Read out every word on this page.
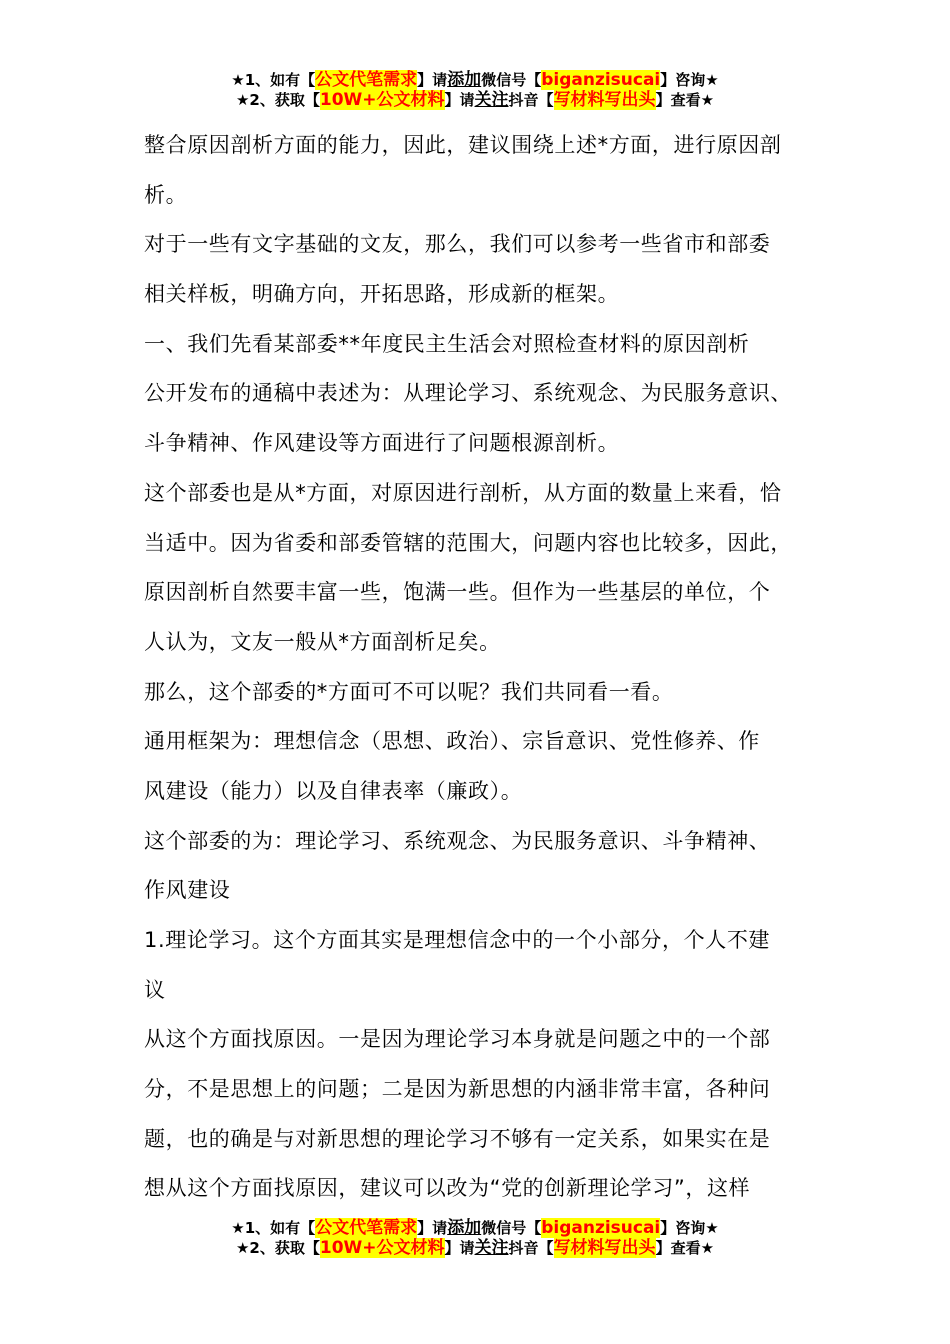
★1、如有【公文代笔需求】请添加微信号【biganzisucai】咨询★
★2、获取【10W+公文材料】请关注抖音【写材料写出头】查看★
整合原因剖析方面的能力，因此，建议围绕上述*方面，进行原因剖
析。
对于一些有文字基础的文友，那么，我们可以参考一些省市和部委
相关样板，明确方向，开拓思路，形成新的框架。
一、我们先看某部委**年度民主生活会对照检查材料的原因剖析
公开发布的通稿中表述为：从理论学习、系统观念、为民服务意识、
斗争精神、作风建设等方面进行了问题根源剖析。
这个部委也是从*方面，对原因进行剖析，从方面的数量上来看，恰
当适中。因为省委和部委管辖的范围大，问题内容也比较多，因此，
原因剖析自然要丰富一些，饱满一些。但作为一些基层的单位，个
人认为，文友一般从*方面剖析足矣。
那么，这个部委的*方面可不可以呢？我们共同看一看。
通用框架为：理想信念（思想、政治）、宗旨意识、党性修养、作
风建设（能力）以及自律表率（廉政）。
这个部委的为：理论学习、系统观念、为民服务意识、斗争精神、
作风建设
1.理论学习。这个方面其实是理想信念中的一个小部分，个人不建
议
从这个方面找原因。一是因为理论学习本身就是问题之中的一个部
分，不是思想上的问题；二是因为新思想的内涵非常丰富，各种问
题，也的确是与对新思想的理论学习不够有一定关系，如果实在是
想从这个方面找原因，建议可以改为“党的创新理论学习”，这样
★1、如有【公文代笔需求】请添加微信号【biganzisucai】咨询★
★2、获取【10W+公文材料】请关注抖音【写材料写出头】查看★
